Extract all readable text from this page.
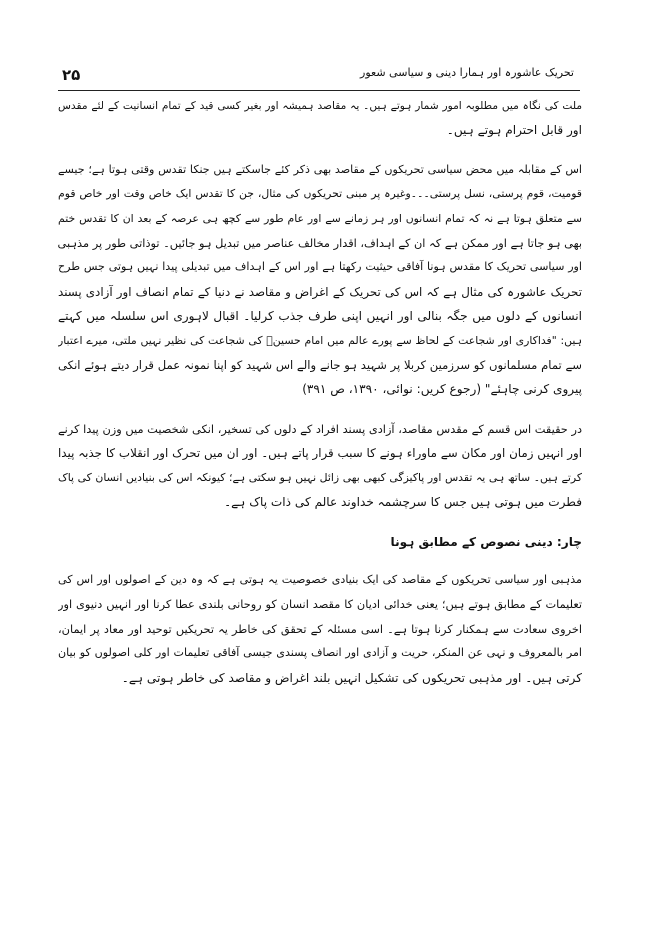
۲۵	تحریک عاشورہ اور ہمارا دینی و سیاسی شعور

ملت کی نگاہ میں مطلوبہ امور شمار ہوتے ہیں۔ یہ مقاصد ہمیشہ اور بغیر کسی قید کے تمام انسانیت کے لئے مقدس
اور قابل احترام ہوتے ہیں۔

اس کے مقابلہ میں محض سیاسی تحریکوں کے مقاصد بھی ذکر کئے جاسکتے ہیں جنکا تقدس وقتی ہوتا ہے؛ جیسے
قومیت، قوم پرستی، نسل پرستی۔۔۔وغیرہ پر مبنی تحریکوں کی مثال، جن کا تقدس ایک خاص وقت اور خاص قوم
سے متعلق ہوتا ہے نہ کہ تمام انسانوں اور ہر زمانے سے اور عام طور سے کچھ ہی عرصہ کے بعد ان کا تقدس ختم
بھی ہو جاتا ہے اور ممکن ہے کہ ان کے اہداف، اقدار مخالف عناصر میں تبدیل ہو جائیں۔ توذاتی طور پر مذہبی
اور سیاسی تحریک کا مقدس ہونا آفاقی حیثیت رکھتا ہے اور اس کے اہداف میں تبدیلی پیدا نہیں ہوتی جس طرح
تحریک عاشورہ کی مثال ہے کہ اس کی تحریک کے اغراض و مقاصد نے دنیا کے تمام انصاف اور آزادی پسند
انسانوں کے دلوں میں جگہ بنالی اور انہیں اپنی طرف جذب کرلیا۔ اقبال لاہوری اس سلسلہ میں کہتے
ہیں: "فداکاری اور شجاعت کے لحاظ سے پورے عالم میں امام حسینؑ کی شجاعت کی نظیر نہیں ملتی، میرے اعتبار
سے تمام مسلمانوں کو سرزمین کربلا پر شہید ہو جانے والے اس شہید کو اپنا نمونہ عمل قرار دیتے ہوئے انکی
پیروی کرنی چاہئے" (رجوع کریں: نوائی، ۱۳۹۰، ص ۳۹۱)

در حقیقت اس قسم کے مقدس مقاصد، آزادی پسند افراد کے دلوں کی تسخیر، انکی شخصیت میں وزن پیدا کرنے
اور انہیں زمان اور مکان سے ماوراء ہونے کا سبب قرار پاتے ہیں۔ اور ان میں تحرک اور انقلاب کا جذبہ پیدا
کرتے ہیں۔ ساتھ ہی یہ تقدس اور پاکیزگی کبھی بھی زائل نہیں ہو سکتی ہے؛ کیونکہ اس کی بنیادیں انسان کی پاک
فطرت میں ہوتی ہیں جس کا سرچشمہ خداوند عالم کی ذات پاک ہے۔

چار: دینی نصوص کے مطابق ہونا

مذہبی اور سیاسی تحریکوں کے مقاصد کی ایک بنیادی خصوصیت یہ ہوتی ہے کہ وہ دین کے اصولوں اور اس کی
تعلیمات کے مطابق ہوتے ہیں؛ یعنی خدائی ادیان کا مقصد انسان کو روحانی بلندی عطا کرنا اور انہیں دنیوی اور
اخروی سعادت سے ہمکنار کرنا ہوتا ہے۔ اسی مسئلہ کے تحقق کی خاطر یہ تحریکیں توحید اور معاد پر ایمان،
امر بالمعروف و نہی عن المنکر، حریت و آزادی اور انصاف پسندی جیسی آفاقی تعلیمات اور کلی اصولوں کو بیان
کرتی ہیں۔ اور مذہبی تحریکوں کی تشکیل انہیں بلند اغراض و مقاصد کی خاطر ہوتی ہے۔
